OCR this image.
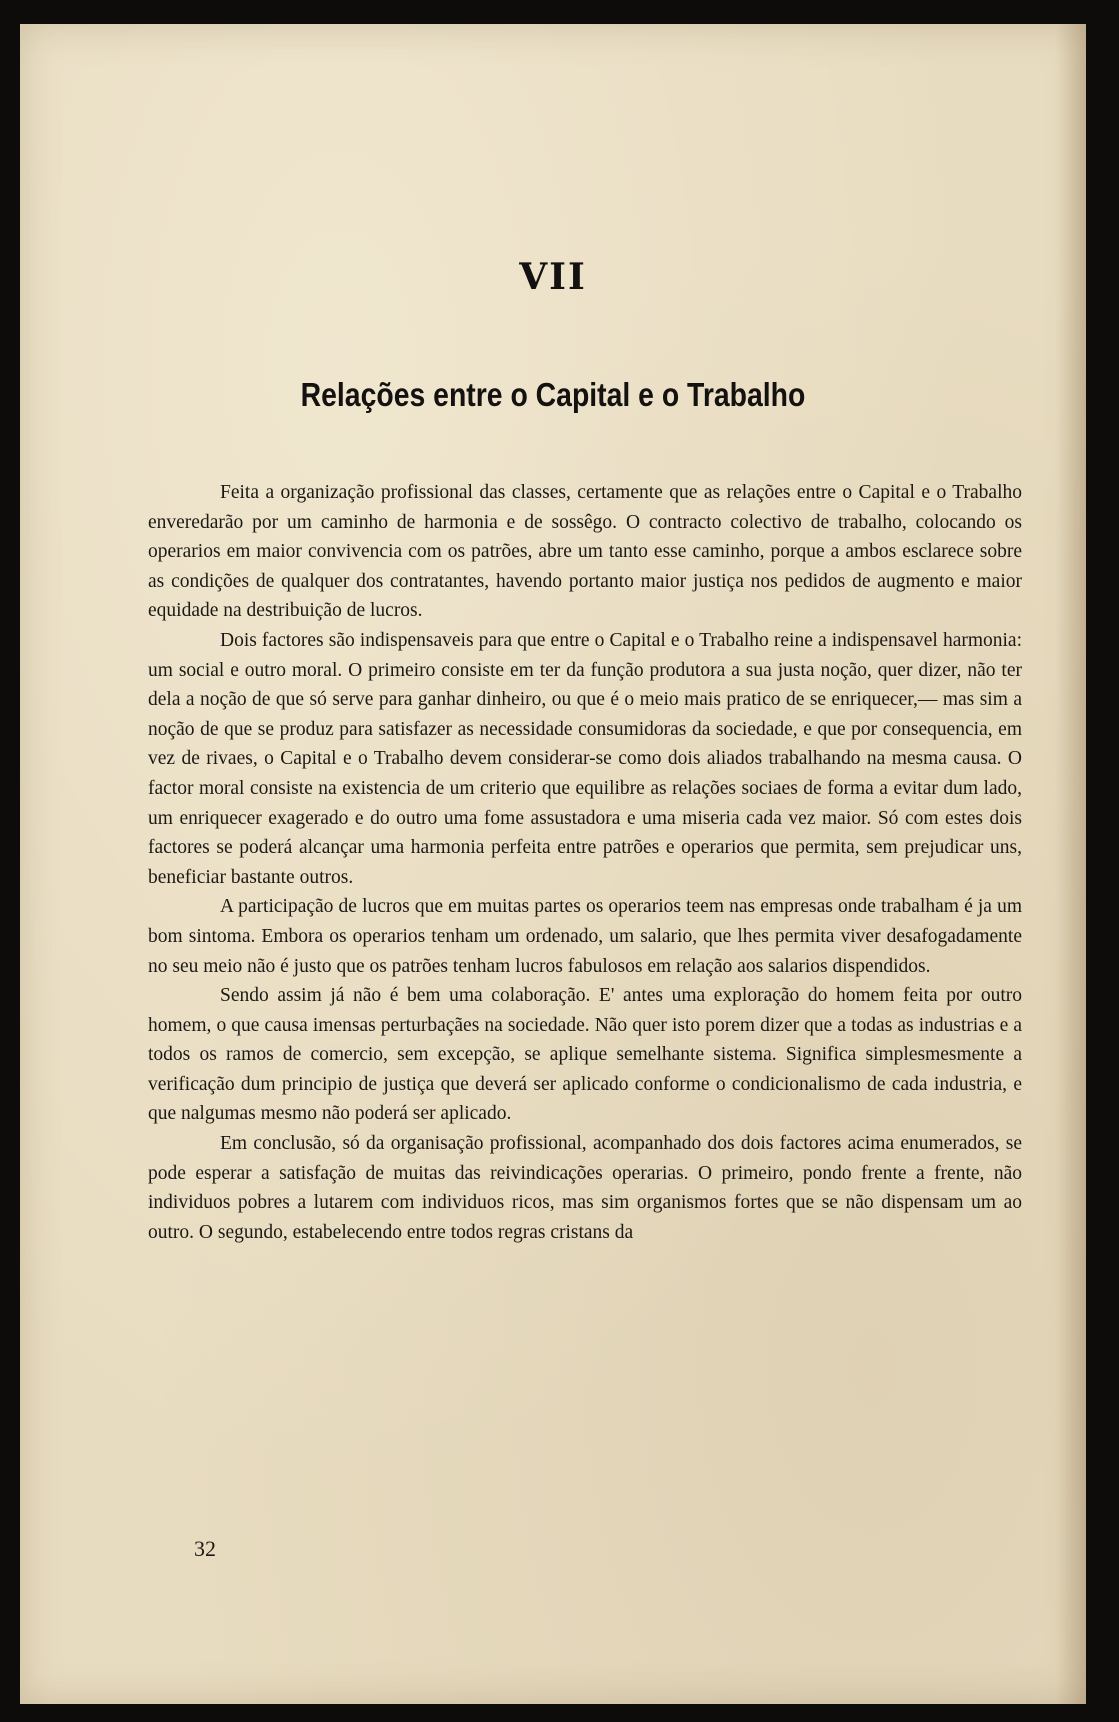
VII
Relações entre o Capital e o Trabalho

Feita a organização profissional das classes, certamente que as relações entre o Capital e o Trabalho enveredarão por um caminho de harmonia e de sossêgo. O contracto colectivo de trabalho, colocando os operarios em maior convivencia com os patrões, abre um tanto esse caminho, porque a ambos esclarece sobre as condições de qualquer dos contratantes, havendo portanto maior justiça nos pedidos de augmento e maior equidade na destribuição de lucros.

Dois factores são indispensaveis para que entre o Capital e o Trabalho reine a indispensavel harmonia: um social e outro moral. O primeiro consiste em ter da função produtora a sua justa noção, quer dizer, não ter dela a noção de que só serve para ganhar dinheiro, ou que é o meio mais pratico de se enriquecer,— mas sim a noção de que se produz para satisfazer as necessidade consumidoras da sociedade, e que por consequencia, em vez de rivaes, o Capital e o Trabalho devem considerar-se como dois aliados trabalhando na mesma causa. O factor moral consiste na existencia de um criterio que equilibre as relações sociaes de forma a evitar dum lado, um enriquecer exagerado e do outro uma fome assustadora e uma miseria cada vez maior. Só com estes dois factores se poderá alcançar uma harmonia perfeita entre patrões e operarios que permita, sem prejudicar uns, beneficiar bastante outros.

A participação de lucros que em muitas partes os operarios teem nas empresas onde trabalham é ja um bom sintoma. Embora os operarios tenham um ordenado, um salario, que lhes permita viver desafogadamente no seu meio não é justo que os patrões tenham lucros fabulosos em relação aos salarios dispendidos.

Sendo assim já não é bem uma colaboração. E' antes uma exploração do homem feita por outro homem, o que causa imensas perturbaçães na sociedade. Não quer isto porem dizer que a todas as industrias e a todos os ramos de comercio, sem excepção, se aplique semelhante sistema. Significa simplesmesmente a verificação dum principio de justiça que deverá ser aplicado conforme o condicionalismo de cada industria, e que nalgumas mesmo não poderá ser aplicado.

Em conclusão, só da organisação profissional, acompanhado dos dois factores acima enumerados, se pode esperar a satisfação de muitas das reivindicações operarias. O primeiro, pondo frente a frente, não individuos pobres a lutarem com individuos ricos, mas sim organismos fortes que se não dispensam um ao outro. O segundo, estabelecendo entre todos regras cristans da

32
